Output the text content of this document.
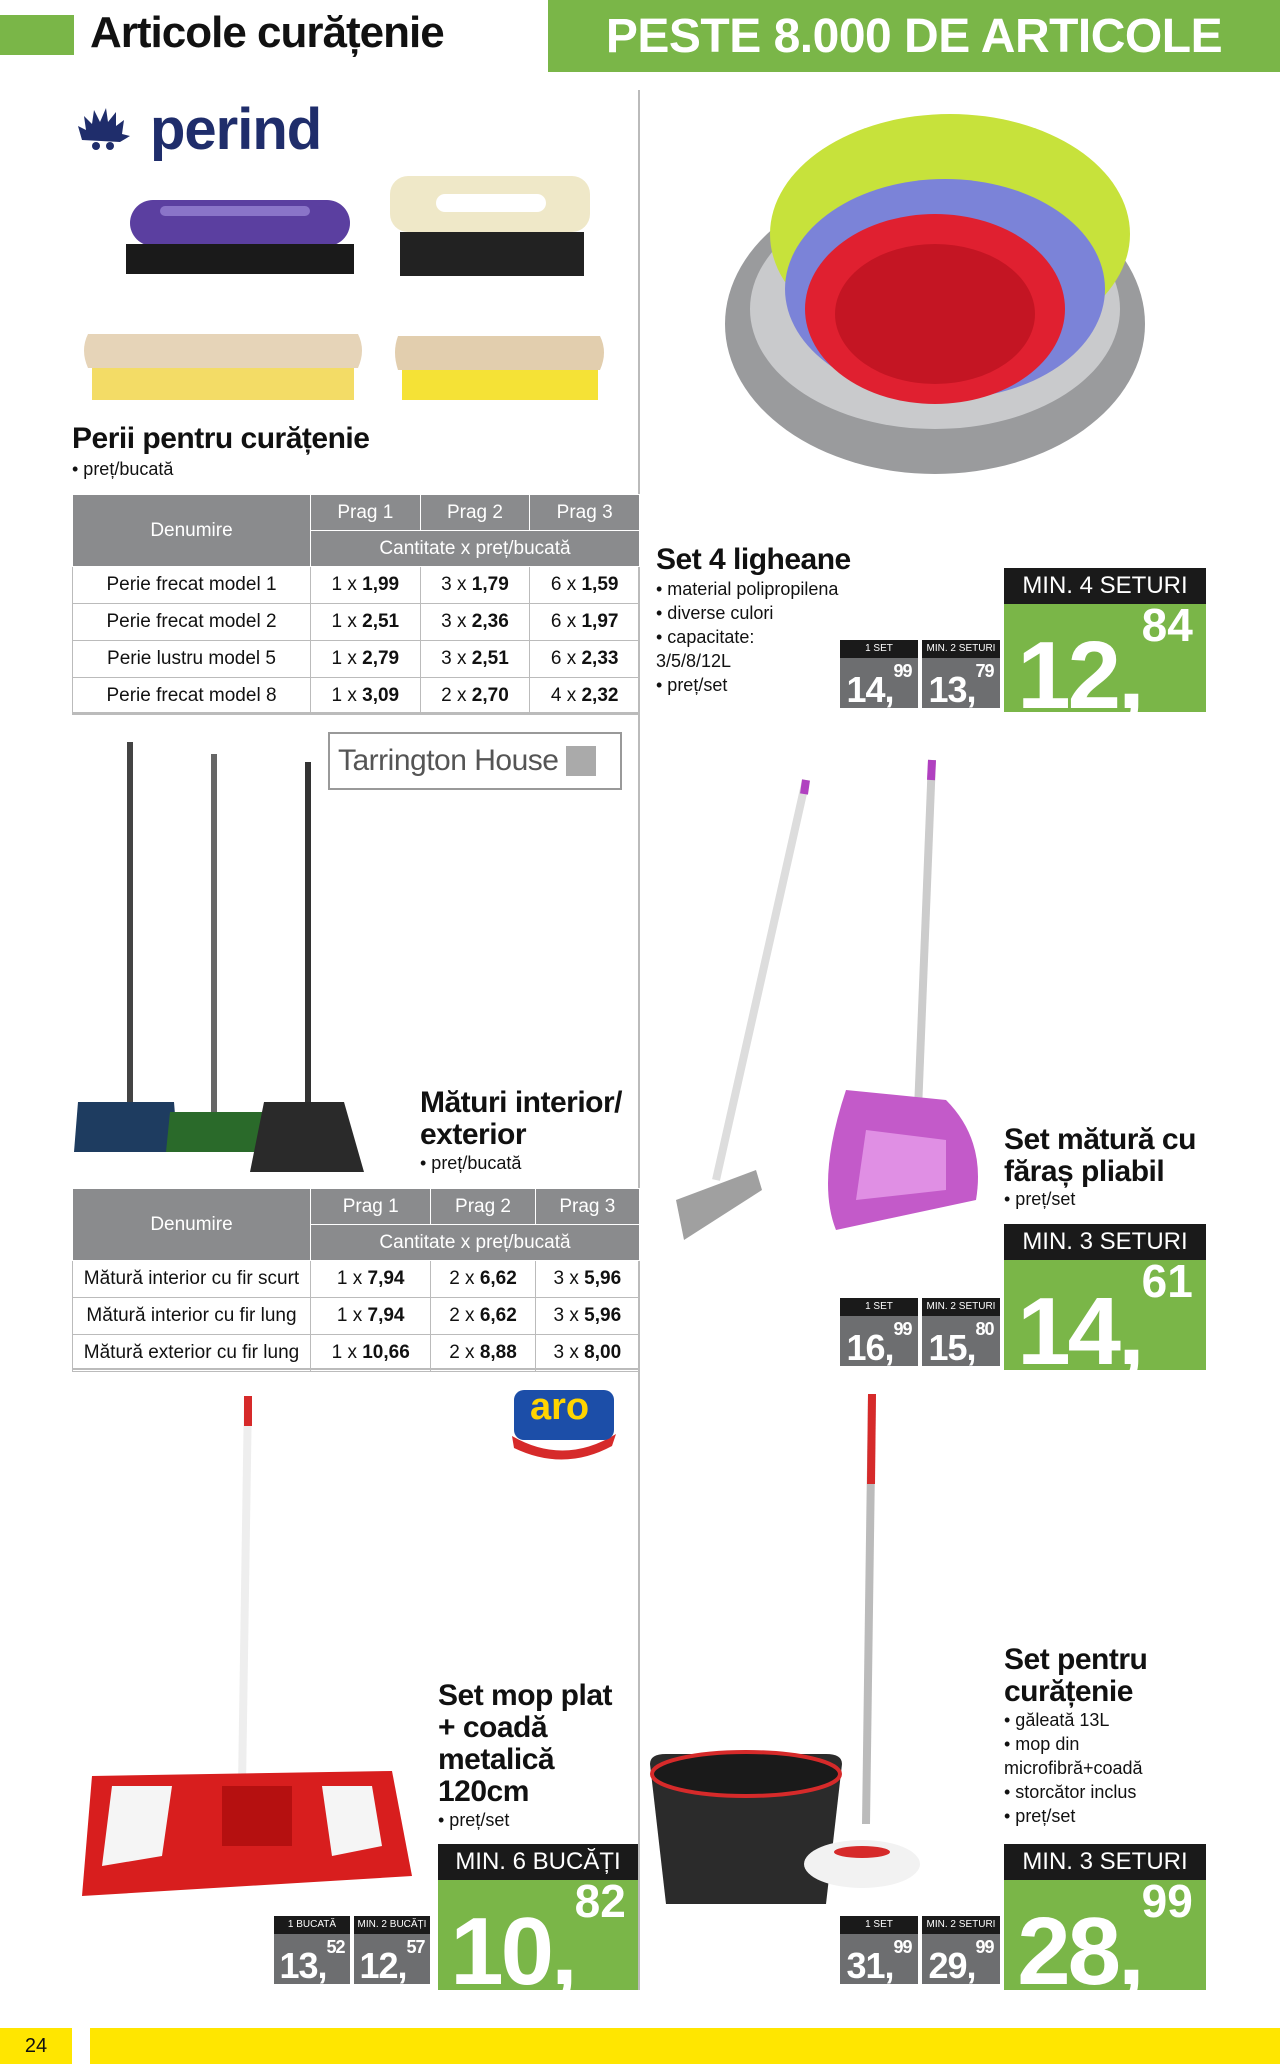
Articole curățenie	PESTE 8.000 DE ARTICOLE
perind
Perii pentru curățenie
• preț/bucată
Denumire	Prag 1	Prag 2	Prag 3
	Cantitate x preț/bucată		
Perie frecat model 1	1 x 1,99	3 x 1,79	6 x 1,59
Perie frecat model 2	1 x 2,51	3 x 2,36	6 x 1,97
Perie lustru model 5	1 x 2,79	3 x 2,51	6 x 2,33
Perie frecat model 8	1 x 3,09	2 x 2,70	4 x 2,32
Set 4 ligheane
• material polipropilena
• diverse culori
• capacitate:
3/5/8/12L
• preț/set
1 SET
14,99
MIN. 2 SETURI
13,79
MIN. 4 SETURI
12,84
Tarrington House
Mături interior/
exterior
• preț/bucată
Denumire	Prag 1	Prag 2	Prag 3
	Cantitate x preț/bucată		
Mătură interior cu fir scurt	1 x 7,94	2 x 6,62	3 x 5,96
Mătură interior cu fir lung	1 x 7,94	2 x 6,62	3 x 5,96
Mătură exterior cu fir lung	1 x 10,66	2 x 8,88	3 x 8,00
Set mătură cu
făraș pliabil
• preț/set
1 SET
16,99
MIN. 2 SETURI
15,80
MIN. 3 SETURI
14,61
aro
Set mop plat
+ coadă
metalică
120cm
• preț/set
1 BUCATĂ
13,52
MIN. 2 BUCĂȚI
12,57
MIN. 6 BUCĂȚI
10,82
Set pentru
curățenie
• găleată 13L
• mop din
microfibră+coadă
• storcător inclus
• preț/set
1 SET
31,99
MIN. 2 SETURI
29,99
MIN. 3 SETURI
28,99
24
